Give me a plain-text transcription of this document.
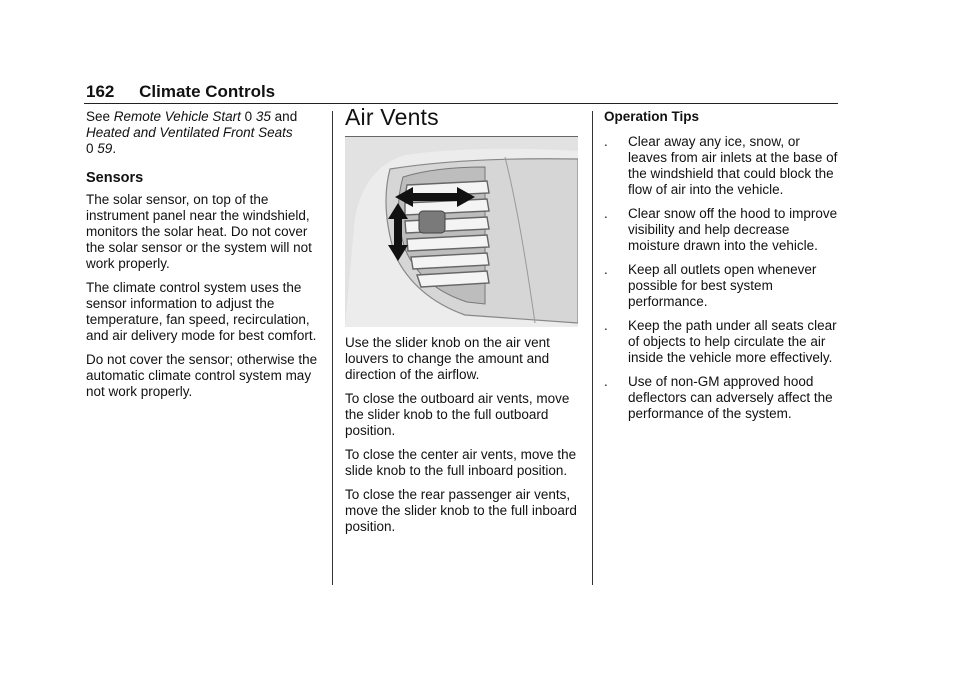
162 Climate Controls

See Remote Vehicle Start 0 35 and
Heated and Ventilated Front Seats
0 59.

Sensors

The solar sensor, on top of the instrument panel near the windshield, monitors the solar heat. Do not cover the solar sensor or the system will not work properly.

The climate control system uses the sensor information to adjust the temperature, fan speed, recirculation, and air delivery mode for best comfort.

Do not cover the sensor; otherwise the automatic climate control system may not work properly.

Air Vents

Use the slider knob on the air vent louvers to change the amount and direction of the airflow.

To close the outboard air vents, move the slider knob to the full outboard position.

To close the center air vents, move the slide knob to the full inboard position.

To close the rear passenger air vents, move the slider knob to the full inboard position.

Operation Tips
. Clear away any ice, snow, or leaves from air inlets at the base of the windshield that could block the flow of air into the vehicle.
. Clear snow off the hood to improve visibility and help decrease moisture drawn into the vehicle.
. Keep all outlets open whenever possible for best system performance.
. Keep the path under all seats clear of objects to help circulate the air inside the vehicle more effectively.
. Use of non-GM approved hood deflectors can adversely affect the performance of the system.
